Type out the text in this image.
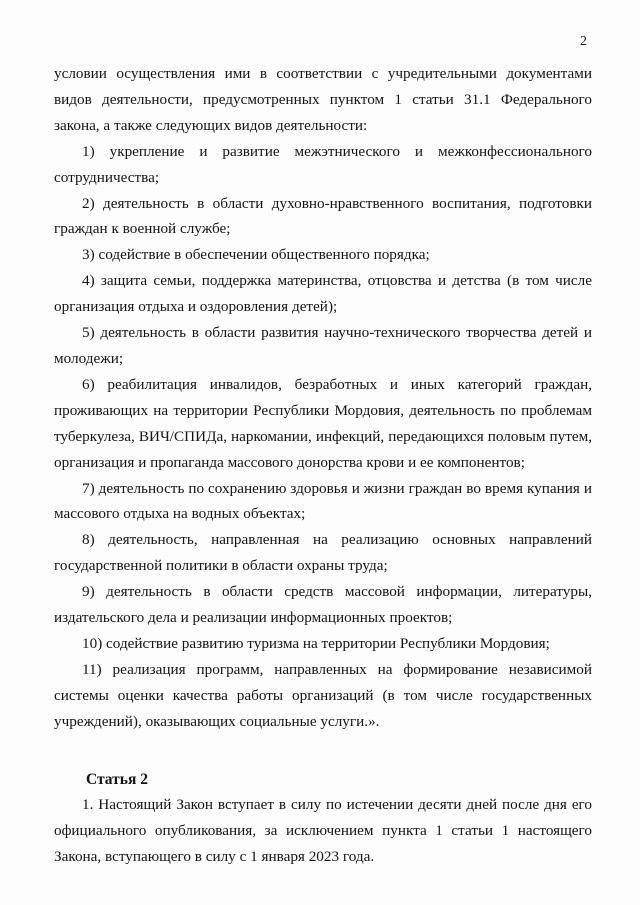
2

условии осуществления ими в соответствии с учредительными документами видов деятельности, предусмотренных пунктом 1 статьи 31.1 Федерального закона, а также следующих видов деятельности:

1) укрепление и развитие межэтнического и межконфессионального сотрудничества;

2) деятельность в области духовно-нравственного воспитания, подготовки граждан к военной службе;

3) содействие в обеспечении общественного порядка;

4) защита семьи, поддержка материнства, отцовства и детства (в том числе организация отдыха и оздоровления детей);

5) деятельность в области развития научно-технического творчества детей и молодежи;

6) реабилитация инвалидов, безработных и иных категорий граждан, проживающих на территории Республики Мордовия, деятельность по проблемам туберкулеза, ВИЧ/СПИДа, наркомании, инфекций, передающихся половым путем, организация и пропаганда массового донорства крови и ее компонентов;

7) деятельность по сохранению здоровья и жизни граждан во время купания и массового отдыха на водных объектах;

8) деятельность, направленная на реализацию основных направлений государственной политики в области охраны труда;

9) деятельность в области средств массовой информации, литературы, издательского дела и реализации информационных проектов;

10) содействие развитию туризма на территории Республики Мордовия;

11) реализация программ, направленных на формирование независимой системы оценки качества работы организаций (в том числе государственных учреждений), оказывающих социальные услуги.».

Статья 2

1. Настоящий Закон вступает в силу по истечении десяти дней после дня его официального опубликования, за исключением пункта 1 статьи 1 настоящего Закона, вступающего в силу с 1 января 2023 года.
